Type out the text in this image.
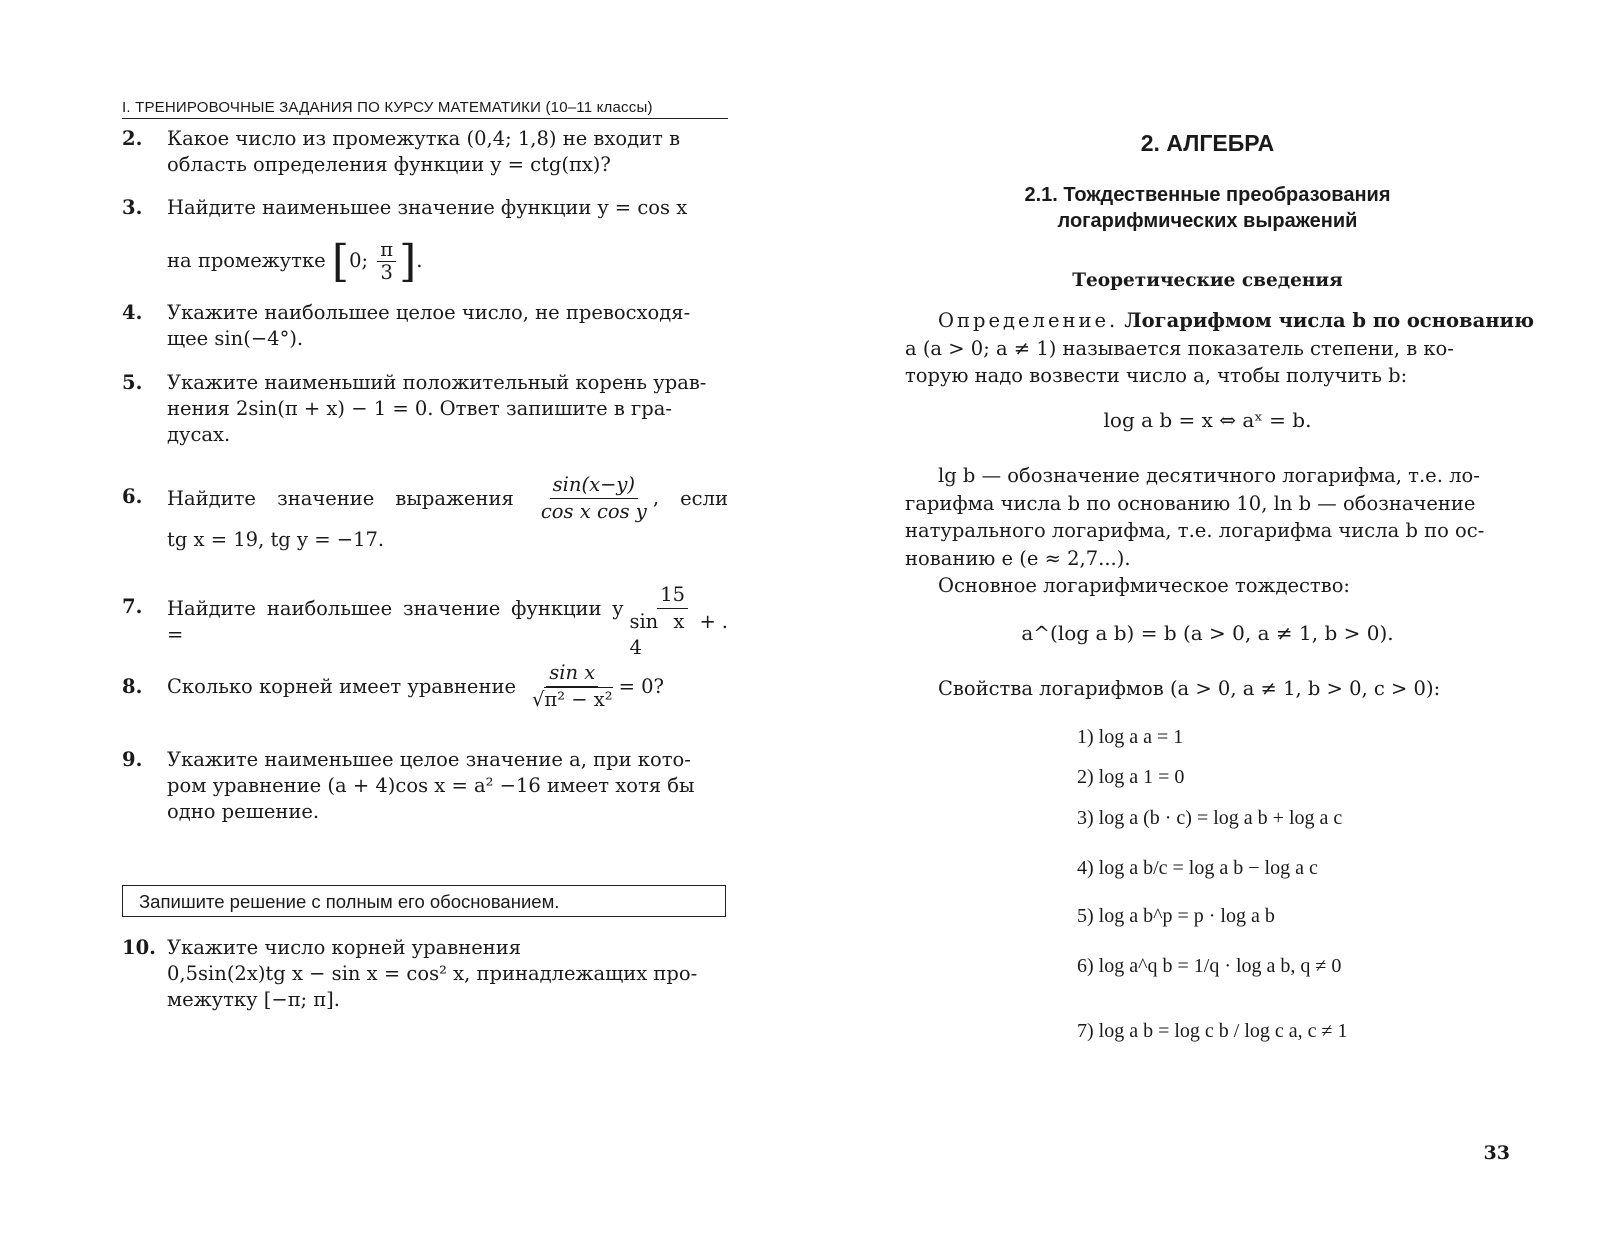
I. ТРЕНИРОВОЧНЫЕ ЗАДАНИЯ ПО КУРСУ МАТЕМАТИКИ (10–11 классы)
2. Какое число из промежутка (0,4; 1,8) не входит в
область определения функции y = ctg(πx)?
3. Найдите наименьшее значение функции y = cos x
на промежутке [0; $\frac{\pi}{3}$ ].
4. Укажите наибольшее целое число, не превосходя-
щее sin(−4°).
5. Укажите наименьший положительный корень урав-
нения 2sin(π + x) − 1 = 0. Ответ запишите в гра-
дусах.
6. Найдите значение выражения $\frac{\sin(x-y)}{\text{cos x cos y}}$ , если
tg x = 19, tg y = −17.
7. Найдите наибольшее значение функции y =	$\frac{15}{\text{sin x + 4}}$ .
8. Сколько корней имеет уравнение $\frac{\text{sin x}}{\text{√π² − x²}} = 0$?
9. Укажите наименьшее целое значение a, при кото-
ром уравнение (a + 4)cos x = a² −16 имеет хотя бы
одно решение.
Запишите решение с полным его обоснованием.
10. Укажите число корней уравнения
0,5sin(2x)tg x − sin x = cos² x, принадлежащих про-
межутку [−π; π].
2. АЛГЕБРА
2.1. Тождественные преобразования
логарифмических выражений
Теоретические сведения
Определение. Логарифмом числа b по основанию
a (a > 0; a ≠ 1) называется показатель степени, в ко-
торую надо возвести число a, чтобы получить b:
log a b = x ⇔ aˣ = b.
lg b — обозначение десятичного логарифма, т.е. ло-
гарифма числа b по основанию 10, ln b — обозначение
натурального логарифма, т.е. логарифма числа b по ос-
нованию e (e ≈ 2,7...).
Основное логарифмическое тождество:
a^(log a b) = b (a > 0, a ≠ 1, b > 0).
Свойства логарифмов (a > 0, a ≠ 1, b > 0, c > 0):
1) log a a = 1
2) log a 1 = 0
3) log a (b · c) = log a b + log a c
4) log a b/c = log a b − log a c
5) log a b^p = p · log a b
6) log a^q b = 1/q · log a b, q ≠ 0
7) log a b = log c b / log c a, c ≠ 1
33
